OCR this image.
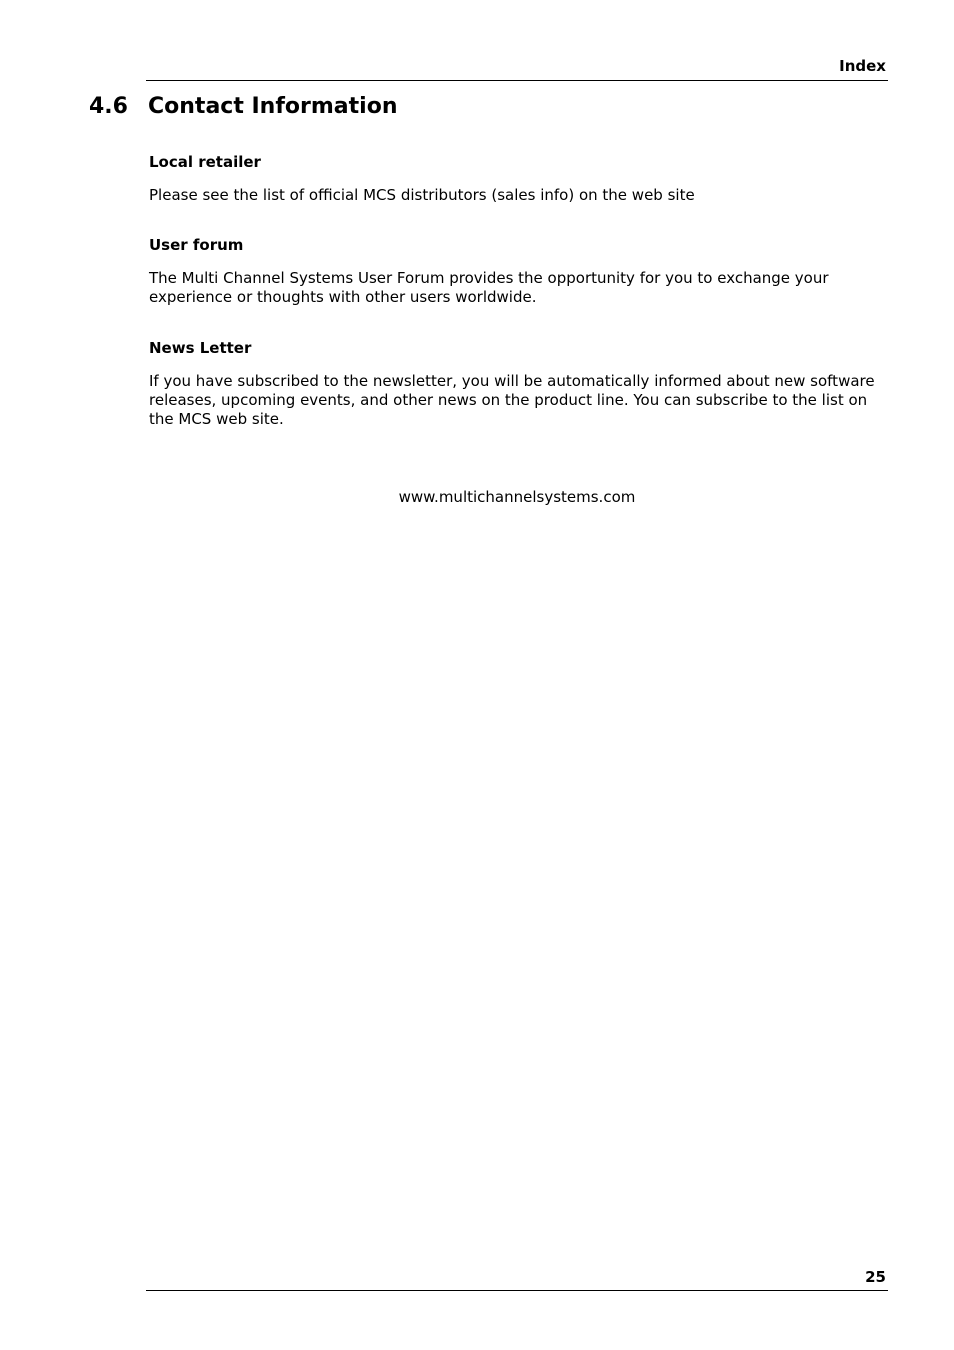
Index
4.6 Contact Information
Local retailer

Please see the list of official MCS distributors (sales info) on the web site

User forum

The Multi Channel Systems User Forum provides the opportunity for you to exchange your experience or thoughts with other users worldwide.

News Letter

If you have subscribed to the newsletter, you will be automatically informed about new software releases, upcoming events, and other news on the product line. You can subscribe to the list on the MCS web site.

www.multichannelsystems.com
25
